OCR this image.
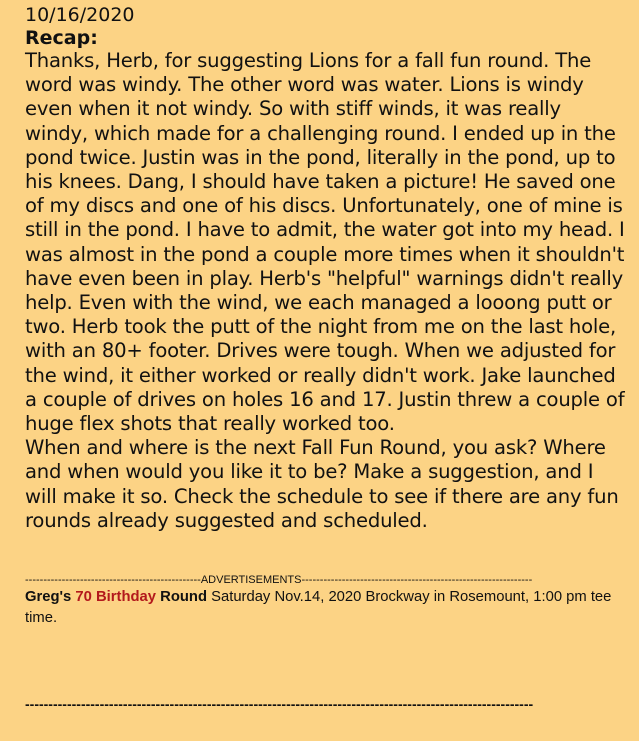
10/16/2020
Recap:

Thanks, Herb, for suggesting Lions for a fall fun round. The word was windy. The other word was water. Lions is windy even when it not windy. So with stiff winds, it was really windy, which made for a challenging round. I ended up in the pond twice. Justin was in the pond, literally in the pond, up to his knees. Dang, I should have taken a picture! He saved one of my discs and one of his discs. Unfortunately, one of mine is still in the pond. I have to admit, the water got into my head. I was almost in the pond a couple more times when it shouldn't have even been in play. Herb's "helpful" warnings didn't really help. Even with the wind, we each managed a looong putt or two. Herb took the putt of the night from me on the last hole, with an 80+ footer. Drives were tough. When we adjusted for the wind, it either worked or really didn't work. Jake launched a couple of drives on holes 16 and 17. Justin threw a couple of huge flex shots that really worked too.

When and where is the next Fall Fun Round, you ask? Where and when would you like it to be? Make a suggestion, and I will make it so. Check the schedule to see if there are any fun rounds already suggested and scheduled.

------------------------------------------------ADVERTISEMENTS---------------------------------------------------------------
Greg's 70 Birthday Round Saturday Nov.14, 2020 Brockway in Rosemount, 1:00 pm tee time.
-------------------------------------------------------------------------------------------------------------
